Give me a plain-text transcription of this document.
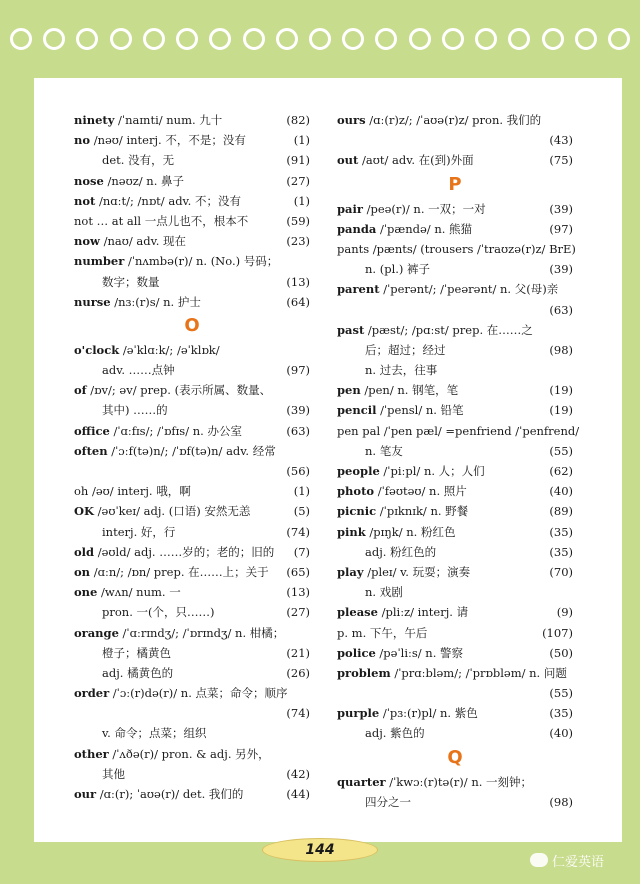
ninety /ˈnaɪnti/ num. 九十	(82)
no /nəʊ/ interj. 不，不是；没有	(1)
det. 没有，无	(91)
nose /nəʊz/ n. 鼻子	(27)
not /nɑːt/; /nɒt/ adv. 不；没有	(1)
not … at all 一点儿也不，根本不	(59)
now /naʊ/ adv. 现在	(23)
number /ˈnʌmbə(r)/ n. (No.) 号码；
数字；数量	(13)
nurse /nɜː(r)s/ n. 护士	(64)
O
o'clock /əˈklɑːk/; /əˈklɒk/
adv. ……点钟	(97)
of /ɒv/; əv/ prep. (表示所属、数量、
其中) ……的	(39)
office /ˈɑːfɪs/; /ˈɒfɪs/ n. 办公室	(63)
often /ˈɔːf(tə)n/; /ˈɒf(tə)n/ adv. 经常
(56)
oh /əʊ/ interj. 哦，啊	(1)
OK /əʊˈkeɪ/ adj. (口语) 安然无恙	(5)
interj. 好，行	(74)
old /əʊld/ adj. ……岁的；老的；旧的 (7)
on /ɑːn/; /ɒn/ prep. 在……上；关于 (65)
one /wʌn/ num. 一	(13)
pron. 一(个，只……)	(27)
orange /ˈɑːrɪndʒ/; /ˈɒrɪndʒ/ n. 柑橘；
橙子；橘黄色	(21)
adj. 橘黄色的	(26)
order /ˈɔː(r)də(r)/ n. 点菜；命令；顺序
(74)
v. 命令；点菜；组织
other /ˈʌðə(r)/ pron. & adj. 另外，
其他	(42)
our /ɑː(r); ˈaʊə(r)/ det. 我们的	(44)
ours /ɑː(r)z/; /ˈaʊə(r)z/ pron. 我们的
(43)
out /aʊt/ adv. 在(到)外面	(75)
P
pair /peə(r)/ n. 一双；一对	(39)
panda /ˈpændə/ n. 熊猫	(97)
pants /pænts/ (trousers /ˈtraʊzə(r)z/ BrE)
n. (pl.) 裤子	(39)
parent /ˈperənt/; /ˈpeərənt/ n. 父(母)亲
(63)
past /pæst/; /pɑːst/ prep. 在……之
后；超过；经过	(98)
n. 过去，往事
pen /pen/ n. 钢笔，笔	(19)
pencil /ˈpensl/ n. 铅笔	(19)
pen pal /ˈpen pæl/ =penfriend /ˈpenfrend/
n. 笔友	(55)
people /ˈpiːpl/ n. 人；人们	(62)
photo /ˈfəʊtəʊ/ n. 照片	(40)
picnic /ˈpɪknɪk/ n. 野餐	(89)
pink /pɪŋk/ n. 粉红色	(35)
adj. 粉红色的	(35)
play /pleɪ/ v. 玩耍；演奏	(70)
n. 戏剧
please /pliːz/ interj. 请	(9)
p. m. 下午，午后	(107)
police /pəˈliːs/ n. 警察	(50)
problem /ˈprɑːbləm/; /ˈprɒbləm/ n. 问题
(55)
purple /ˈpɜː(r)pl/ n. 紫色	(35)
adj. 紫色的	(40)
Q
quarter /ˈkwɔː(r)tə(r)/ n. 一刻钟；
四分之一	(98)
144
仁爱英语
